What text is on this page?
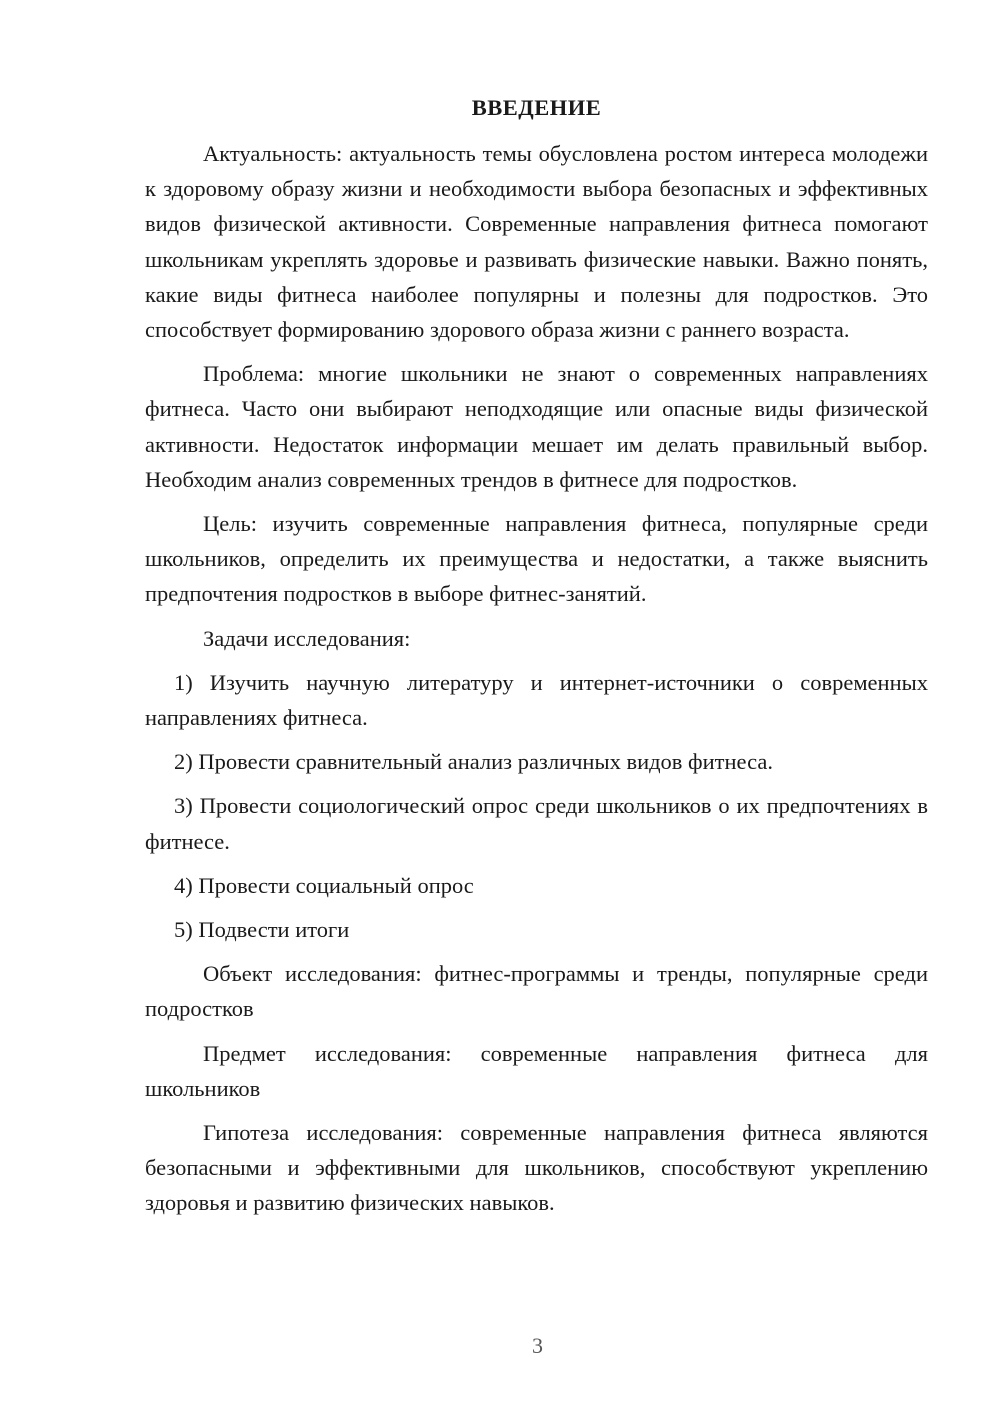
ВВЕДЕНИЕ

Актуальность: актуальность темы обусловлена ростом интереса молодежи к здоровому образу жизни и необходимости выбора безопасных и эффективных видов физической активности. Современные направления фитнеса помогают школьникам укреплять здоровье и развивать физические навыки. Важно понять, какие виды фитнеса наиболее популярны и полезны для подростков. Это способствует формированию здорового образа жизни с раннего возраста.

Проблема: многие школьники не знают о современных направлениях фитнеса. Часто они выбирают неподходящие или опасные виды физической активности. Недостаток информации мешает им делать правильный выбор. Необходим анализ современных трендов в фитнесе для подростков.

Цель: изучить современные направления фитнеса, популярные среди школьников, определить их преимущества и недостатки, а также выяснить предпочтения подростков в выборе фитнес-занятий.

Задачи исследования:

1) Изучить научную литературу и интернет-источники о современных направлениях фитнеса.

2) Провести сравнительный анализ различных видов фитнеса.

3) Провести социологический опрос среди школьников о их предпочтениях в фитнесе.

4) Провести социальный опрос

5) Подвести итоги

Объект исследования: фитнес-программы и тренды, популярные среди подростков

Предмет исследования: современные направления фитнеса для школьников

Гипотеза исследования: современные направления фитнеса являются безопасными и эффективными для школьников, способствуют укреплению здоровья и развитию физических навыков.

3
